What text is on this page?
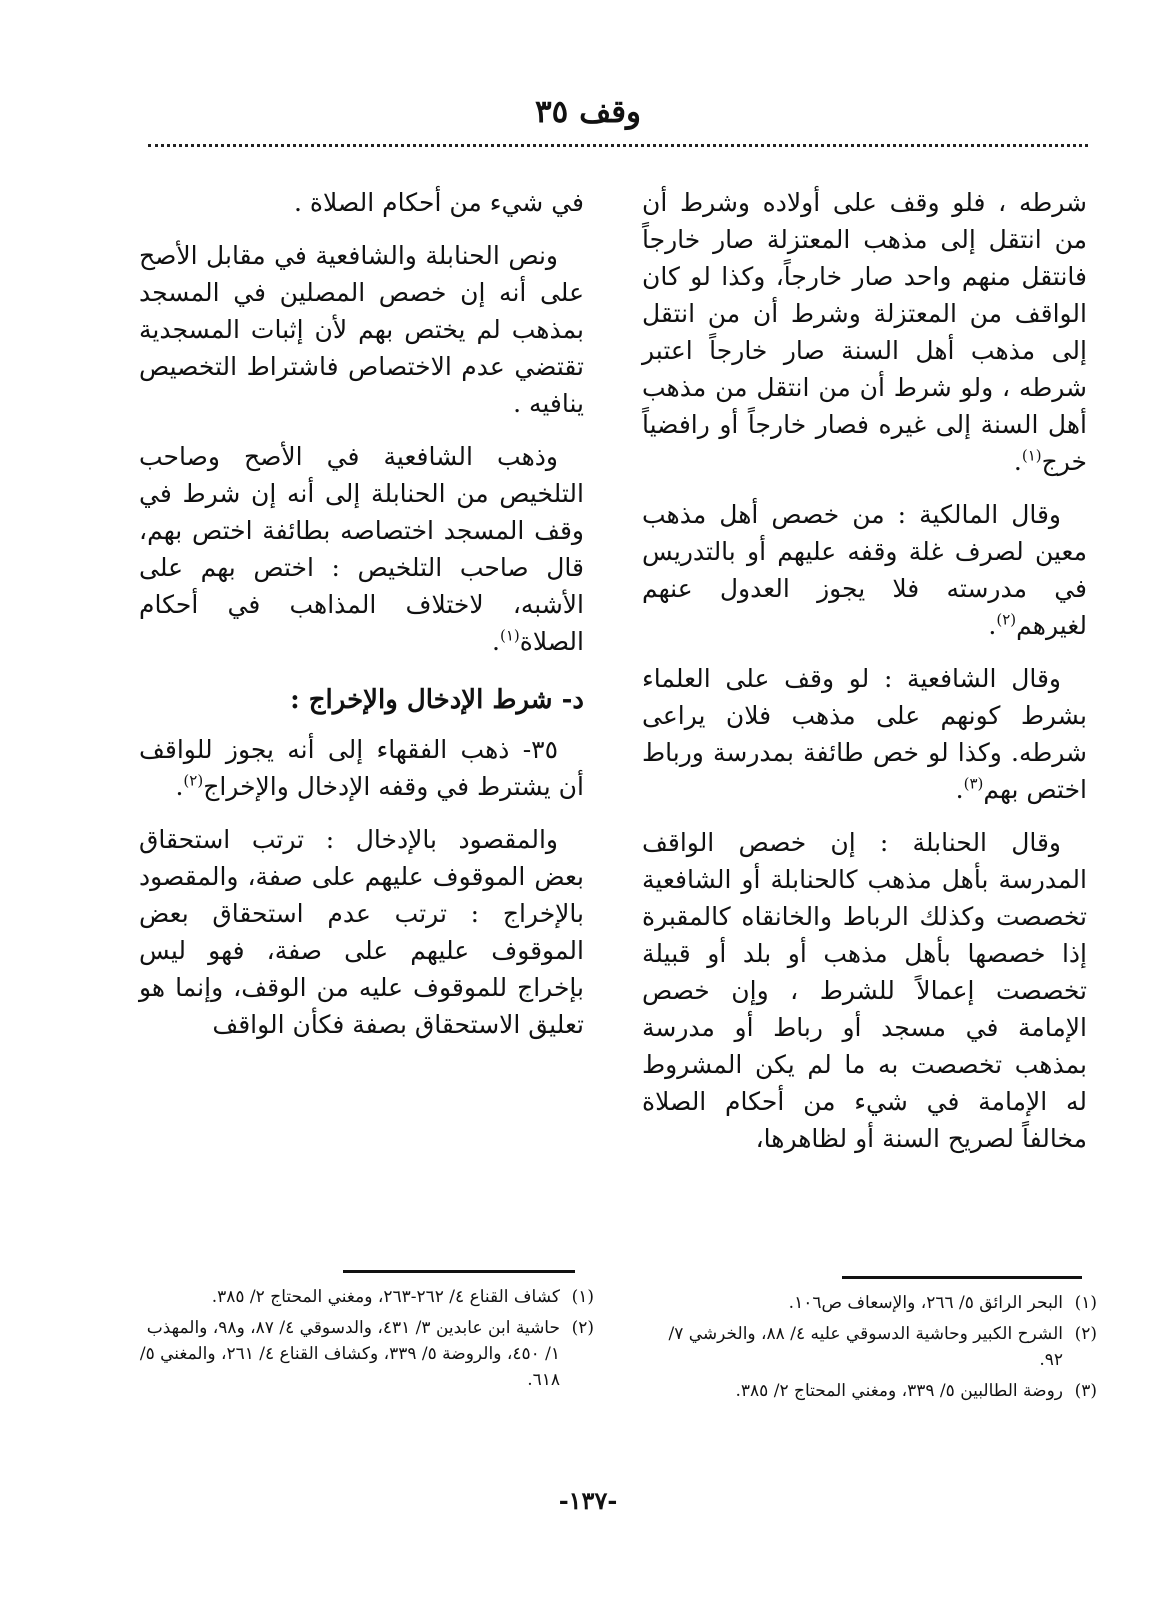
وقف ٣٥

شرطه ، فلو وقف على أولاده وشرط أن من انتقل إلى مذهب المعتزلة صار خارجاً فانتقل منهم واحد صار خارجاً، وكذا لو كان الواقف من المعتزلة وشرط أن من انتقل إلى مذهب أهل السنة صار خارجاً اعتبر شرطه ، ولو شرط أن من انتقل من مذهب أهل السنة إلى غيره فصار خارجاً أو رافضياً خرج$^{(١)}$.

وقال المالكية : من خصص أهل مذهب معين لصرف غلة وقفه عليهم أو بالتدريس في مدرسته فلا يجوز العدول عنهم لغيرهم$^{(٢)}$.

وقال الشافعية : لو وقف على العلماء بشرط كونهم على مذهب فلان يراعى شرطه. وكذا لو خص طائفة بمدرسة ورباط اختص بهم$^{(٣)}$.

وقال الحنابلة : إن خصص الواقف المدرسة بأهل مذهب كالحنابلة أو الشافعية تخصصت وكذلك الرباط والخانقاه كالمقبرة إذا خصصها بأهل مذهب أو بلد أو قبيلة تخصصت إعمالاً للشرط ، وإن خصص الإمامة في مسجد أو رباط أو مدرسة بمذهب تخصصت به ما لم يكن المشروط له الإمامة في شيء من أحكام الصلاة مخالفاً لصريح السنة أو لظاهرها،

في شيء من أحكام الصلاة .

ونص الحنابلة والشافعية في مقابل الأصح على أنه إن خصص المصلين في المسجد بمذهب لم يختص بهم لأن إثبات المسجدية تقتضي عدم الاختصاص فاشتراط التخصيص ينافيه .

وذهب الشافعية في الأصح وصاحب التلخيص من الحنابلة إلى أنه إن شرط في وقف المسجد اختصاصه بطائفة اختص بهم، قال صاحب التلخيص : اختص بهم على الأشبه، لاختلاف المذاهب في أحكام الصلاة$^{(١)}$.

د- شرط الإدخال والإخراج :

٣٥- ذهب الفقهاء إلى أنه يجوز للواقف أن يشترط في وقفه الإدخال والإخراج$^{(٢)}$.

والمقصود بالإدخال : ترتب استحقاق بعض الموقوف عليهم على صفة، والمقصود بالإخراج : ترتب عدم استحقاق بعض الموقوف عليهم على صفة، فهو ليس بإخراج للموقوف عليه من الوقف، وإنما هو تعليق الاستحقاق بصفة فكأن الواقف

(١)
كشاف القناع ٤/ ٢٦٢-٢٦٣، ومغني المحتاج ٢/ ٣٨٥.
(٢)
حاشية ابن عابدين ٣/ ٤٣١، والدسوقي ٤/ ٨٧، و٩٨، والمهذب ١/ ٤٥٠، والروضة ٥/ ٣٣٩، وكشاف القناع ٤/ ٢٦١، والمغني ٥/ ٦١٨.
(١)
البحر الرائق ٥/ ٢٦٦، والإسعاف ص١٠٦.
(٢)
الشرح الكبير وحاشية الدسوقي عليه ٤/ ٨٨، والخرشي ٧/ ٩٢.
(٣)
روضة الطالبين ٥/ ٣٣٩، ومغني المحتاج ٢/ ٣٨٥.
-١٣٧-
